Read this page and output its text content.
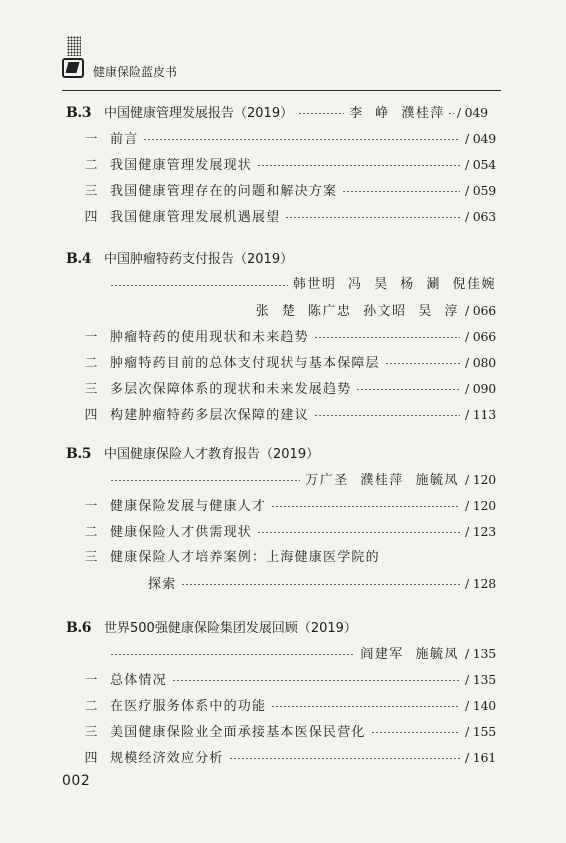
健康保险蓝皮书
B.3	中国健康管理发展报告（2019）	李 峥 濮桂萍 / 049
一 前言	/ 049
二 我国健康管理发展现状	/ 054
三 我国健康管理存在的问题和解决方案	/ 059
四 我国健康管理发展机遇展望	/ 063
B.4	中国肿瘤特药支付报告（2019）
韩世明 冯 昊 杨 涮 倪佳婉
张 楚 陈广忠 孙文昭 吴 淳 / 066
一 肿瘤特药的使用现状和未来趋势	/ 066
二 肿瘤特药目前的总体支付现状与基本保障层	/ 080
三 多层次保障体系的现状和未来发展趋势	/ 090
四 构建肿瘤特药多层次保障的建议	/ 113
B.5	中国健康保险人才教育报告（2019）
万广圣 濮桂萍 施毓凤 / 120
一 健康保险发展与健康人才	/ 120
二 健康保险人才供需现状	/ 123
三 健康保险人才培养案例：上海健康医学院的
探索	/ 128
B.6	世界500强健康保险集团发展回顾（2019）
阎建军 施毓凤 / 135
一 总体情况	/ 135
二 在医疗服务体系中的功能	/ 140
三 美国健康保险业全面承接基本医保民营化	/ 155
四 规模经济效应分析	/ 161
002
